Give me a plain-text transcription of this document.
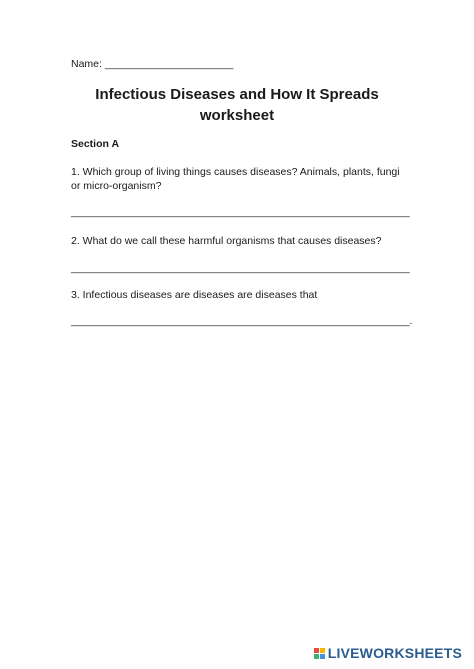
Name: ______________________
Infectious Diseases and How It Spreads
worksheet
Section A
1. Which group of living things causes diseases? Animals, plants, fungi or micro-organism?
____________________________________________________________
2. What do we call these harmful organisms that causes diseases?
____________________________________________________________
3. Infectious diseases are diseases are diseases that
____________________________________________________________.
LIVEWORKSHEETS
